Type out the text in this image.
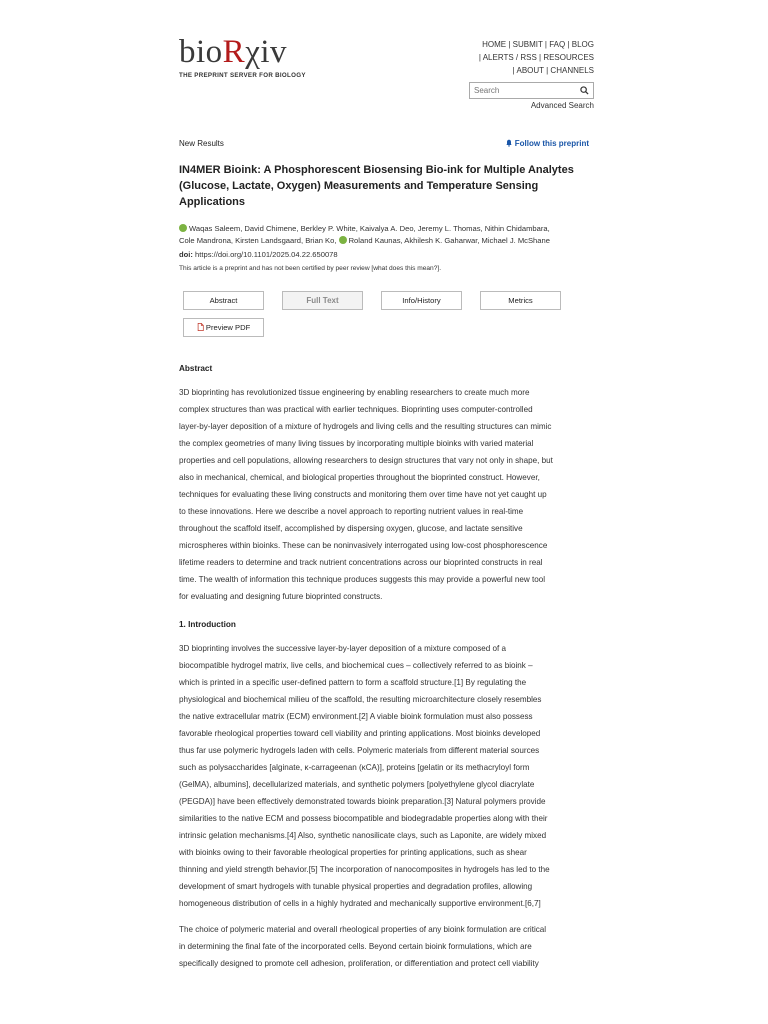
bioRχiv
THE PREPRINT SERVER FOR BIOLOGY
HOME | SUBMIT | FAQ | BLOG
| ALERTS / RSS | RESOURCES
| ABOUT | CHANNELS
Search
Advanced Search
New Results	Follow this preprint
IN4MER Bioink: A Phosphorescent Biosensing Bio-ink for Multiple Analytes (Glucose, Lactate, Oxygen) Measurements and Temperature Sensing Applications
Waqas Saleem, David Chimene, Berkley P. White, Kaivalya A. Deo, Jeremy L. Thomas, Nithin Chidambara,
Cole Mandrona, Kirsten Landsgaard, Brian Ko, Roland Kaunas, Akhilesh K. Gaharwar, Michael J. McShane
doi: https://doi.org/10.1101/2025.04.22.650078
This article is a preprint and has not been certified by peer review [what does this mean?].
Abstract	Full Text	Info/History	Metrics
Preview PDF
Abstract
3D bioprinting has revolutionized tissue engineering by enabling researchers to create much more
complex structures than was practical with earlier techniques. Bioprinting uses computer-controlled
layer-by-layer deposition of a mixture of hydrogels and living cells and the resulting structures can mimic
the complex geometries of many living tissues by incorporating multiple bioinks with varied material
properties and cell populations, allowing researchers to design structures that vary not only in shape, but
also in mechanical, chemical, and biological properties throughout the bioprinted construct. However,
techniques for evaluating these living constructs and monitoring them over time have not yet caught up
to these innovations. Here we describe a novel approach to reporting nutrient values in real-time
throughout the scaffold itself, accomplished by dispersing oxygen, glucose, and lactate sensitive
microspheres within bioinks. These can be noninvasively interrogated using low-cost phosphorescence
lifetime readers to determine and track nutrient concentrations across our bioprinted constructs in real
time. The wealth of information this technique produces suggests this may provide a powerful new tool
for evaluating and designing future bioprinted constructs.
1. Introduction
3D bioprinting involves the successive layer-by-layer deposition of a mixture composed of a
biocompatible hydrogel matrix, live cells, and biochemical cues – collectively referred to as bioink –
which is printed in a specific user-defined pattern to form a scaffold structure.[1] By regulating the
physiological and biochemical milieu of the scaffold, the resulting microarchitecture closely resembles
the native extracellular matrix (ECM) environment.[2] A viable bioink formulation must also possess
favorable rheological properties toward cell viability and printing applications. Most bioinks developed
thus far use polymeric hydrogels laden with cells. Polymeric materials from different material sources
such as polysaccharides [alginate, κ-carrageenan (κCA)], proteins [gelatin or its methacryloyl form
(GelMA), albumins], decellularized materials, and synthetic polymers [polyethylene glycol diacrylate
(PEGDA)] have been effectively demonstrated towards bioink preparation.[3] Natural polymers provide
similarities to the native ECM and possess biocompatible and biodegradable properties along with their
intrinsic gelation mechanisms.[4] Also, synthetic nanosilicate clays, such as Laponite, are widely mixed
with bioinks owing to their favorable rheological properties for printing applications, such as shear
thinning and yield strength behavior.[5] The incorporation of nanocomposites in hydrogels has led to the
development of smart hydrogels with tunable physical properties and degradation profiles, allowing
homogeneous distribution of cells in a highly hydrated and mechanically supportive environment.[6,7]
The choice of polymeric material and overall rheological properties of any bioink formulation are critical
in determining the final fate of the incorporated cells. Beyond certain bioink formulations, which are
specifically designed to promote cell adhesion, proliferation, or differentiation and protect cell viability
